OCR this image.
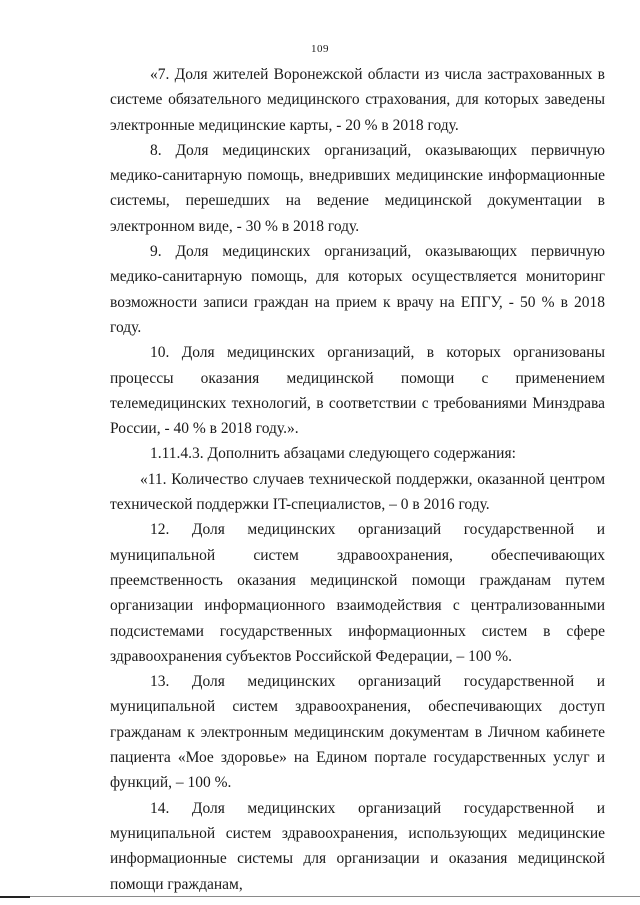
109

«7. Доля жителей Воронежской области из числа застрахованных в системе обязательного медицинского страхования, для которых заведены электронные медицинские карты, - 20 % в 2018 году.

8. Доля медицинских организаций, оказывающих первичную медико-санитарную помощь, внедривших медицинские информационные системы, перешедших на ведение медицинской документации в электронном виде, - 30 % в 2018 году.

9. Доля медицинских организаций, оказывающих первичную медико-санитарную помощь, для которых осуществляется мониторинг возможности записи граждан на прием к врачу на ЕПГУ, - 50 % в 2018 году.

10. Доля медицинских организаций, в которых организованы процессы оказания медицинской помощи с применением телемедицинских технологий, в соответствии с требованиями Минздрава России, - 40 % в 2018 году.».

1.11.4.3. Дополнить абзацами следующего содержания:

«11. Количество случаев технической поддержки, оказанной центром технической поддержки IT-специалистов, – 0 в 2016 году.

12. Доля медицинских организаций государственной и муниципальной систем здравоохранения, обеспечивающих преемственность оказания медицинской помощи гражданам путем организации информационного взаимодействия с централизованными подсистемами государственных информационных систем в сфере здравоохранения субъектов Российской Федерации, – 100 %.

13. Доля медицинских организаций государственной и муниципальной систем здравоохранения, обеспечивающих доступ гражданам к электронным медицинским документам в Личном кабинете пациента «Мое здоровье» на Едином портале государственных услуг и функций, – 100 %.

14. Доля медицинских организаций государственной и муниципальной систем здравоохранения, использующих медицинские информационные системы для организации и оказания медицинской помощи гражданам,
